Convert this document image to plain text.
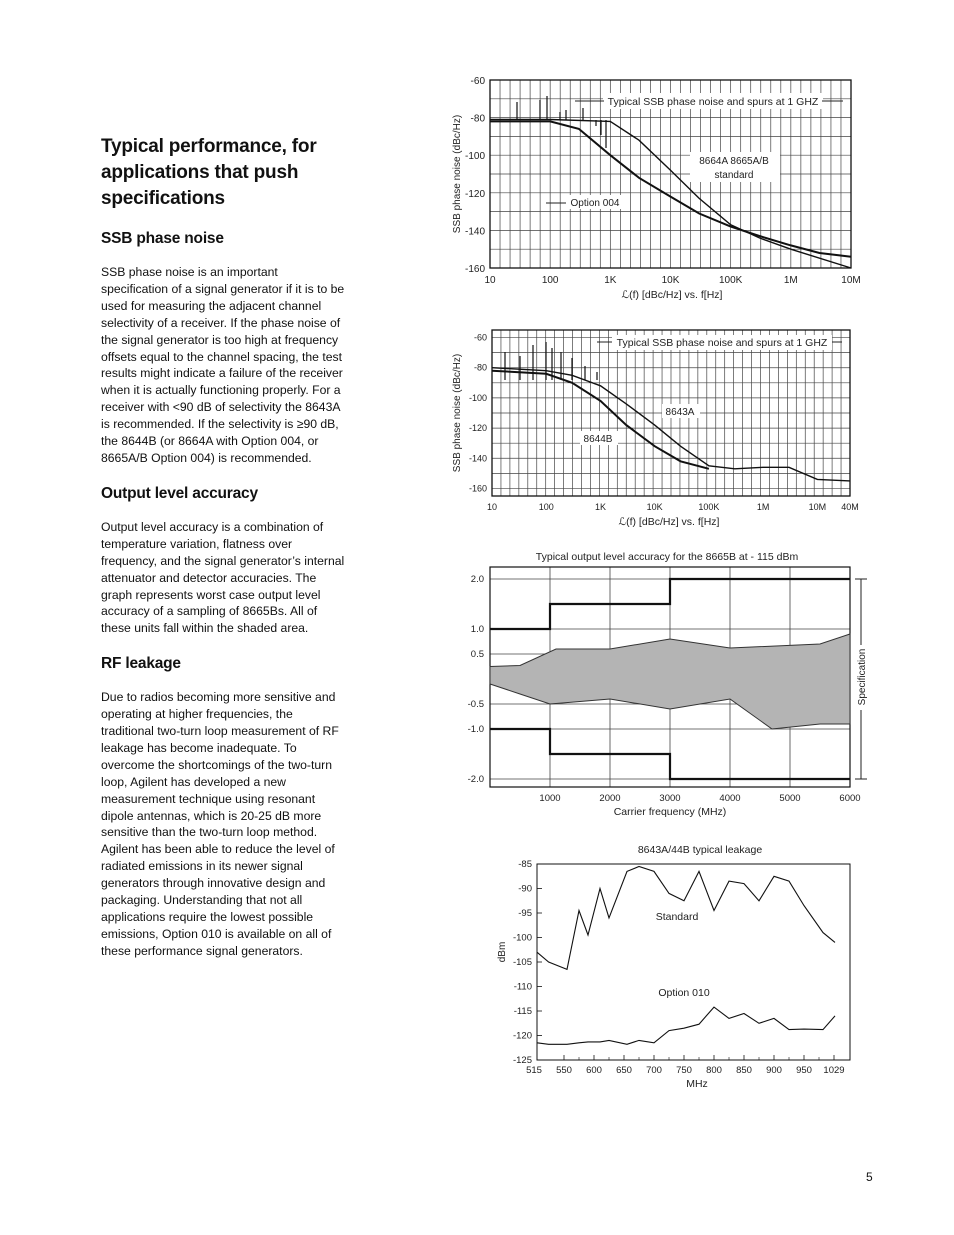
Typical performance, for applications that push specifications
SSB phase noise

SSB phase noise is an important specification of a signal generator if it is to be used for measuring the adjacent channel selectivity of a receiver. If the phase noise of the signal generator is too high at frequency offsets equal to the channel spacing, the test results might indicate a failure of the receiver when it is actually functioning properly. For a receiver with <90 dB of selectivity the 8643A is recommended. If the selectivity is ≥90 dB, the 8644B (or 8664A with Option 004, or 8665A/B Option 004) is recommended.

Output level accuracy

Output level accuracy is a combination of temperature variation, flatness over frequency, and the signal generator’s internal attenuator and detector accuracies. The graph represents worst case output level accuracy of a sampling of 8665Bs. All of these units fall within the shaded area.

RF leakage

Due to radios becoming more sensitive and operating at higher frequencies, the traditional two-turn loop measurement of RF leakage has become inadequate. To overcome the shortcomings of the two-turn loop, Agilent has developed a new measurement technique using resonant dipole antennas, which is 20-25 dB more sensitive than the two-turn loop method. Agilent has been able to reduce the level of radiated emissions in its newer signal generators through innovative design and packaging. Understanding that not all applications require the lowest possible emissions, Option 010 is available on all of these performance signal generators.

5
10	100	1K	10K	100K	1M	10M
-60
-80
-100
-120
-140
-160
SSB phase noise (dBc/Hz)
ℒ(f) [dBc/Hz] vs. f[Hz]
Typical SSB phase noise and spurs at 1 GHZ
8664A 8665A/B
standard
Option 004
10	100	1K	10K	100K	1M	10M 40M
-60
-80
-100
-120
-140
-160
SSB phase noise (dBc/Hz)
ℒ(f) [dBc/Hz] vs. f[Hz]
Typical SSB phase noise and spurs at 1 GHZ
8643A
8644B
Typical output level accuracy for the 8665B at - 115 dBm
1000	2000	3000	4000	5000	6000
2.0
1.0
0.5
-0.5
-1.0
-2.0
Carrier frequency (MHz)
Specification
8643A/44B typical leakage
515 550 600 650 700 750 800 850 900 950 1029
-85
-90
-95
-100
-105
-110
-115
-120
-125
dBm
MHz
Standard
Option 010
